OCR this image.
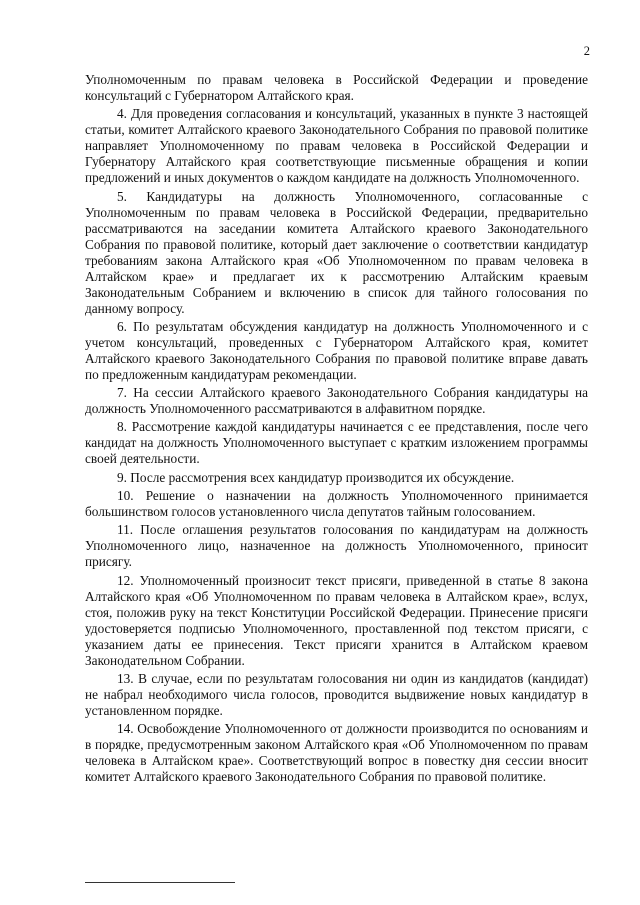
2

Уполномоченным по правам человека в Российской Федерации и проведение консультаций с Губернатором Алтайского края.

4. Для проведения согласования и консультаций, указанных в пункте 3 настоящей статьи, комитет Алтайского краевого Законодательного Собрания по правовой политике направляет Уполномоченному по правам человека в Российской Федерации и Губернатору Алтайского края соответствующие письменные обращения и копии предложений и иных документов о каждом кандидате на должность Уполномоченного.

5. Кандидатуры на должность Уполномоченного, согласованные с Уполномоченным по правам человека в Российской Федерации, предварительно рассматриваются на заседании комитета Алтайского краевого Законодательного Собрания по правовой политике, который дает заключение о соответствии кандидатур требованиям закона Алтайского края «Об Уполномоченном по правам человека в Алтайском крае» и предлагает их к рассмотрению Алтайским краевым Законодательным Собранием и включению в список для тайного голосования по данному вопросу.

6. По результатам обсуждения кандидатур на должность Уполномоченного и с учетом консультаций, проведенных с Губернатором Алтайского края, комитет Алтайского краевого Законодательного Собрания по правовой политике вправе давать по предложенным кандидатурам рекомендации.

7. На сессии Алтайского краевого Законодательного Собрания кандидатуры на должность Уполномоченного рассматриваются в алфавитном порядке.

8. Рассмотрение каждой кандидатуры начинается с ее представления, после чего кандидат на должность Уполномоченного выступает с кратким изложением программы своей деятельности.

9. После рассмотрения всех кандидатур производится их обсуждение.

10. Решение о назначении на должность Уполномоченного принимается большинством голосов установленного числа депутатов тайным голосованием.

11. После оглашения результатов голосования по кандидатурам на должность Уполномоченного лицо, назначенное на должность Уполномоченного, приносит присягу.

12. Уполномоченный произносит текст присяги, приведенной в статье 8 закона Алтайского края «Об Уполномоченном по правам человека в Алтайском крае», вслух, стоя, положив руку на текст Конституции Российской Федерации. Принесение присяги удостоверяется подписью Уполномоченного, проставленной под текстом присяги, с указанием даты ее принесения. Текст присяги хранится в Алтайском краевом Законодательном Собрании.

13. В случае, если по результатам голосования ни один из кандидатов (кандидат) не набрал необходимого числа голосов, проводится выдвижение новых кандидатур в установленном порядке.

14. Освобождение Уполномоченного от должности производится по основаниям и в порядке, предусмотренным законом Алтайского края «Об Уполномоченном по правам человека в Алтайском крае». Соответствующий вопрос в повестку дня сессии вносит комитет Алтайского краевого Законодательного Собрания по правовой политике.
